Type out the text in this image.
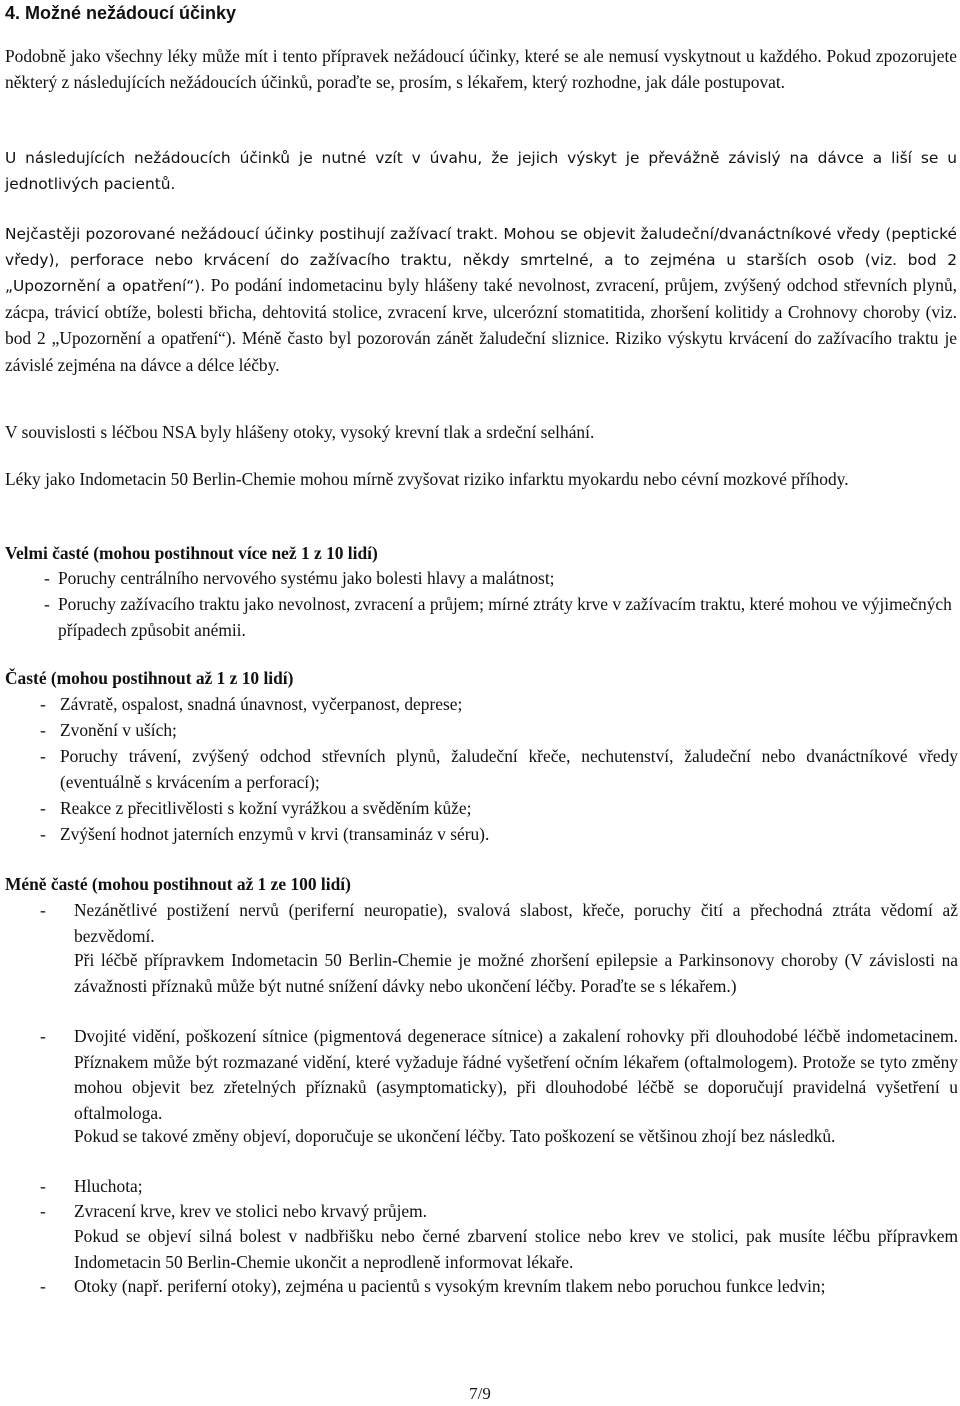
4. Možné nežádoucí účinky

Podobně jako všechny léky může mít i tento přípravek nežádoucí účinky, které se ale nemusí vyskytnout u každého. Pokud zpozorujete některý z následujících nežádoucích účinků, poraďte se, prosím, s lékařem, který rozhodne, jak dále postupovat.

U následujících nežádoucích účinků je nutné vzít v úvahu, že jejich výskyt je převážně závislý na dávce a liší se u jednotlivých pacientů.

Nejčastěji pozorované nežádoucí účinky postihují zažívací trakt. Mohou se objevit žaludeční/dvanáctníkové vředy (peptické vředy), perforace nebo krvácení do zažívacího traktu, někdy smrtelné, a to zejména u starších osob (viz. bod 2 „Upozornění a opatření“). Po podání indometacinu byly hlášeny také nevolnost, zvracení, průjem, zvýšený odchod střevních plynů, zácpa, trávicí obtíže, bolesti břicha, dehtovitá stolice, zvracení krve, ulcerózní stomatitida, zhoršení kolitidy a Crohnovy choroby (viz. bod 2 „Upozornění a opatření“). Méně často byl pozorován zánět žaludeční sliznice. Riziko výskytu krvácení do zažívacího traktu je závislé zejména na dávce a délce léčby.

V souvislosti s léčbou NSA byly hlášeny otoky, vysoký krevní tlak a srdeční selhání.

Léky jako Indometacin 50 Berlin-Chemie mohou mírně zvyšovat riziko infarktu myokardu nebo cévní mozkové příhody.

Velmi časté (mohou postihnout více než 1 z 10 lidí)

- Poruchy centrálního nervového systému jako bolesti hlavy a malátnost;

- Poruchy zažívacího traktu jako nevolnost, zvracení a průjem; mírné ztráty krve v zažívacím traktu, které mohou ve výjimečných případech způsobit anémii.

Časté (mohou postihnout až 1 z 10 lidí)

- Závratě, ospalost, snadná únavnost, vyčerpanost, deprese;

- Zvonění v uších;

- Poruchy trávení, zvýšený odchod střevních plynů, žaludeční křeče, nechutenství, žaludeční nebo dvanáctníkové vředy (eventuálně s krvácením a perforací);

- Reakce z přecitlivělosti s kožní vyrážkou a svěděním kůže;

- Zvýšení hodnot jaterních enzymů v krvi (transamináz v séru).

Méně časté (mohou postihnout až 1 ze 100 lidí)

- Nezánětlivé postižení nervů (periferní neuropatie), svalová slabost, křeče, poruchy čití a přechodná ztráta vědomí až bezvědomí.

Při léčbě přípravkem Indometacin 50 Berlin-Chemie je možné zhoršení epilepsie a Parkinsonovy choroby (V závislosti na závažnosti příznaků může být nutné snížení dávky nebo ukončení léčby. Poraďte se s lékařem.)

- Dvojité vidění, poškození sítnice (pigmentová degenerace sítnice) a zakalení rohovky při dlouhodobé léčbě indometacinem. Příznakem může být rozmazané vidění, které vyžaduje řádné vyšetření očním lékařem (oftalmologem). Protože se tyto změny mohou objevit bez zřetelných příznaků (asymptomaticky), při dlouhodobé léčbě se doporučují pravidelná vyšetření u oftalmologa.

Pokud se takové změny objeví, doporučuje se ukončení léčby. Tato poškození se většinou zhojí bez následků.

- Hluchota;

- Zvracení krve, krev ve stolici nebo krvavý průjem.

Pokud se objeví silná bolest v nadbřišku nebo černé zbarvení stolice nebo krev ve stolici, pak musíte léčbu přípravkem Indometacin 50 Berlin-Chemie ukončit a neprodleně informovat lékaře.

- Otoky (např. periferní otoky), zejména u pacientů s vysokým krevním tlakem nebo poruchou funkce ledvin;

7/9
